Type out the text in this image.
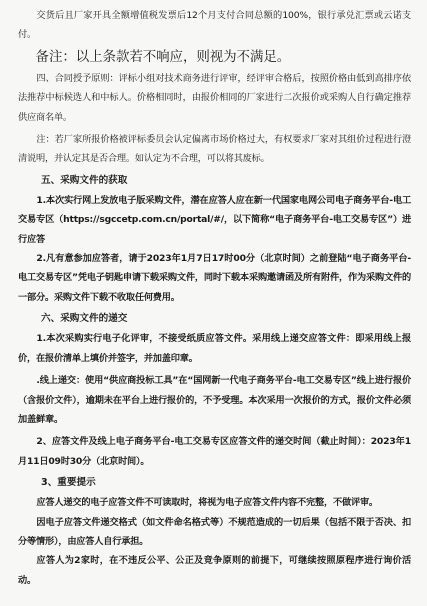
交货后且厂家开具全额增值税发票后12个月支付合同总额的100%，银行承兑汇票或云诺支付。

备注：以上条款若不响应，则视为不满足。

四、合同授予原则：评标小组对技术商务进行评审，经评审合格后，按照价格由低到高排序依法推荐中标候选人和中标人。价格相同时，由报价相同的厂家进行二次报价或采购人自行确定推荐供应商名单。

注：若厂家所报价格被评标委员会认定偏离市场价格过大，有权要求厂家对其组价过程进行澄清说明，并认定其是否合理。如认定为不合理，可以将其废标。

五、采购文件的获取

1.本次实行网上发放电子版采购文件，潜在应答人应在新一代国家电网公司电子商务平台-电工交易专区（https://sgccetp.com.cn/portal/#/，以下简称“电子商务平台-电工交易专区”）进行应答

2.凡有意参加应答者，请于2023年1月7日17时00分（北京时间）之前登陆“电子商务平台-电工交易专区”凭电子钥匙申请下载采购文件，同时下载本采购邀请函及所有附件，作为采购文件的一部分。采购文件下载不收取任何费用。

六、采购文件的递交

1.本次采购实行电子化评审，不接受纸质应答文件。采用线上递交应答文件：即采用线上报价，在报价清单上填价并签字，并加盖印章。

.线上递交：使用“供应商投标工具”在“国网新一代电子商务平台-电工交易专区”线上进行报价（含报价文件），逾期未在平台上进行报价的，不予受理。本次采用一次报价的方式，报价文件必须加盖鲜章。

2、应答文件及线上电子商务平台-电工交易专区应答文件的递交时间（截止时间）：2023年1月11日09时30分（北京时间）。

3、重要提示

应答人递交的电子应答文件不可读取时，将视为电子应答文件内容不完整，不做评审。

因电子应答文件递交格式（如文件命名格式等）不规范造成的一切后果（包括不限于否决、扣分等情形），由应答人自行承担。

应答人为2家时，在不违反公平、公正及竞争原则的前提下，可继续按照原程序进行询价活动。
